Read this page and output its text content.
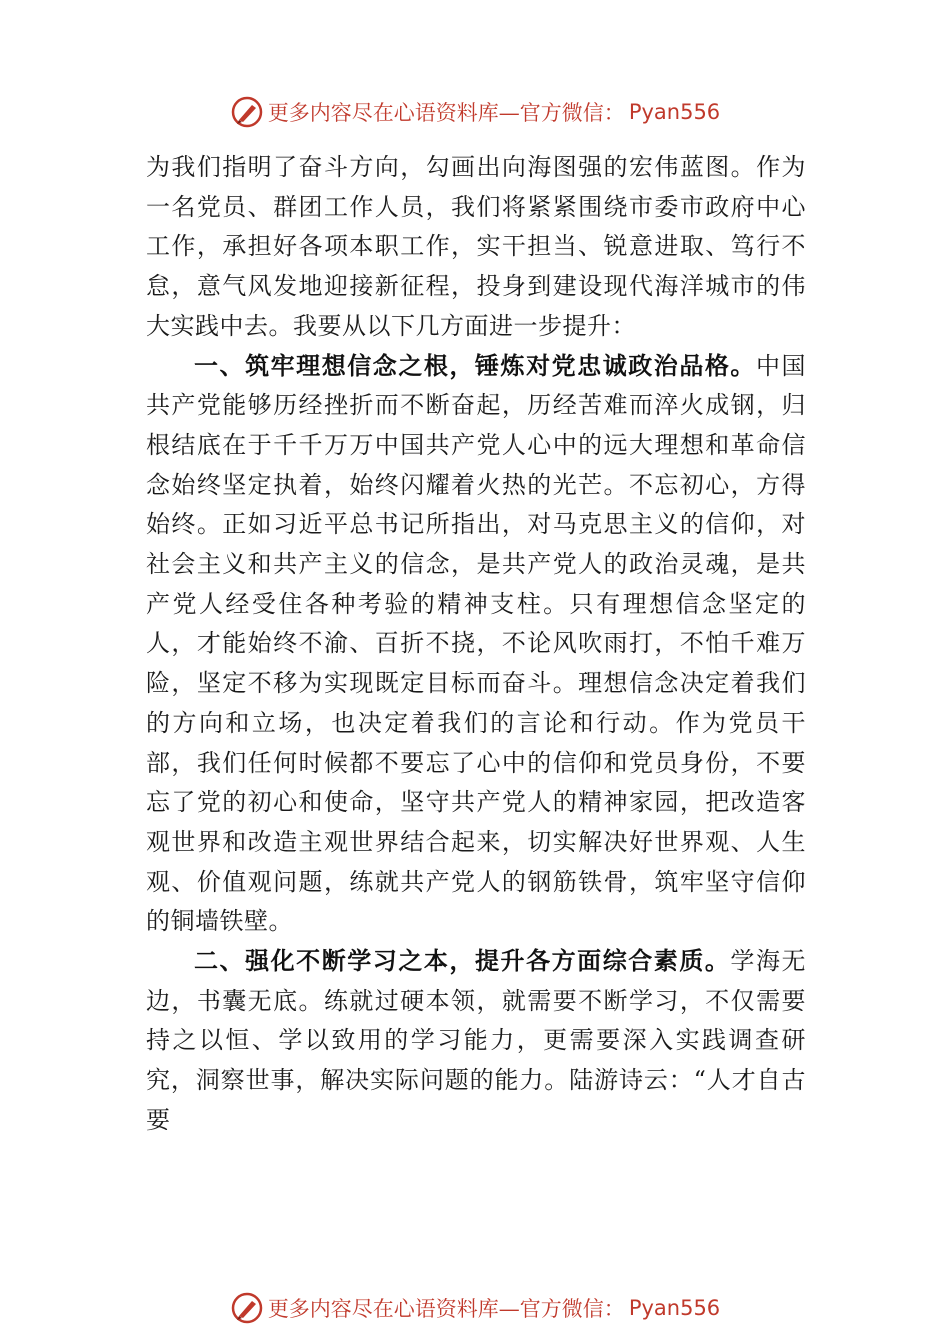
更多内容尽在心语资料库—官方微信： Pyan556

为我们指明了奋斗方向，勾画出向海图强的宏伟蓝图。作为一名党员、群团工作人员，我们将紧紧围绕市委市政府中心工作，承担好各项本职工作，实干担当、锐意进取、笃行不怠，意气风发地迎接新征程，投身到建设现代海洋城市的伟大实践中去。我要从以下几方面进一步提升：

一、筑牢理想信念之根，锤炼对党忠诚政治品格。中国共产党能够历经挫折而不断奋起，历经苦难而淬火成钢，归根结底在于千千万万中国共产党人心中的远大理想和革命信念始终坚定执着，始终闪耀着火热的光芒。不忘初心，方得始终。正如习近平总书记所指出，对马克思主义的信仰，对社会主义和共产主义的信念，是共产党人的政治灵魂，是共产党人经受住各种考验的精神支柱。只有理想信念坚定的人，才能始终不渝、百折不挠，不论风吹雨打，不怕千难万险，坚定不移为实现既定目标而奋斗。理想信念决定着我们的方向和立场，也决定着我们的言论和行动。作为党员干部，我们任何时候都不要忘了心中的信仰和党员身份，不要忘了党的初心和使命，坚守共产党人的精神家园，把改造客观世界和改造主观世界结合起来，切实解决好世界观、人生观、价值观问题，练就共产党人的钢筋铁骨，筑牢坚守信仰的铜墙铁壁。

二、强化不断学习之本，提升各方面综合素质。学海无边，书囊无底。练就过硬本领，就需要不断学习，不仅需要持之以恒、学以致用的学习能力，更需要深入实践调查研究，洞察世事，解决实际问题的能力。陆游诗云：“人才自古要

更多内容尽在心语资料库—官方微信： Pyan556
